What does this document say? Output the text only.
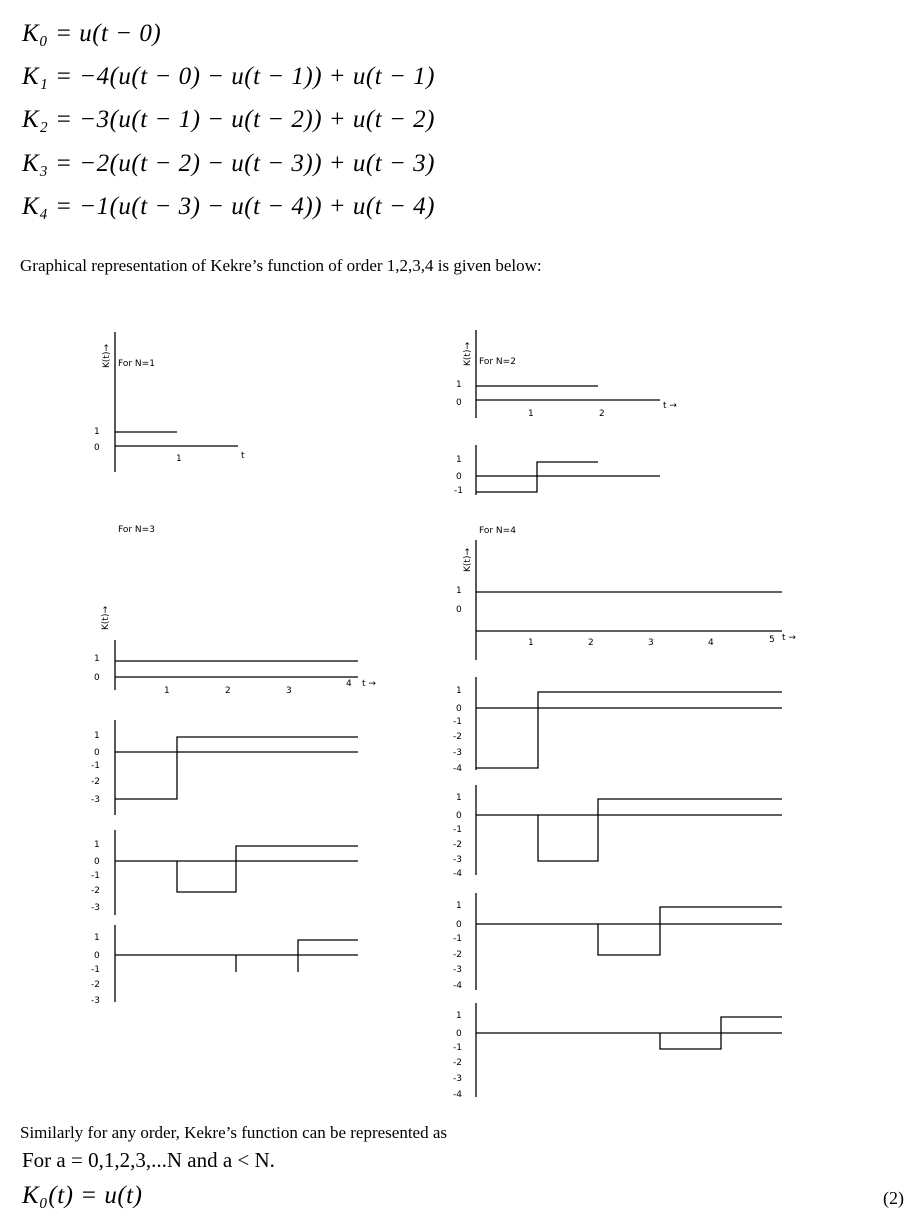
K₀ = u(t − 0)
K₁ = −4(u(t − 0) − u(t − 1)) + u(t − 1)
K₂ = −3(u(t − 1) − u(t − 2)) + u(t − 2)
K₃ = −2(u(t − 2) − u(t − 3)) + u(t − 3)
K₄ = −1(u(t − 3) − u(t − 4)) + u(t − 4)
Graphical representation of Kekre’s function of order 1,2,3,4 is given below:
K(t)→ For N=1
1
0
1	t
K(t)→ For N=2
1
0
1	2
t →
1
0
-1
For N=3
K(t)→
1
0
1	2	3
4 t →
1
0
-1
-2
-3
1
0
-1
-2
-3
1
0
-1
-2
-3
For N=4
K(t)→
1
0
1	2	3	4	5 t →
1
0
-1
-2
-3
-4
1
0
-1
-2
-3
-4
1
0
-1
-2
-3
-4
1
0
-1
-2
-3
-4
Similarly for any order, Kekre’s function can be represented as
For a = 0,1,2,3,...N and a < N.
K₀(t) = u(t)	(2)
